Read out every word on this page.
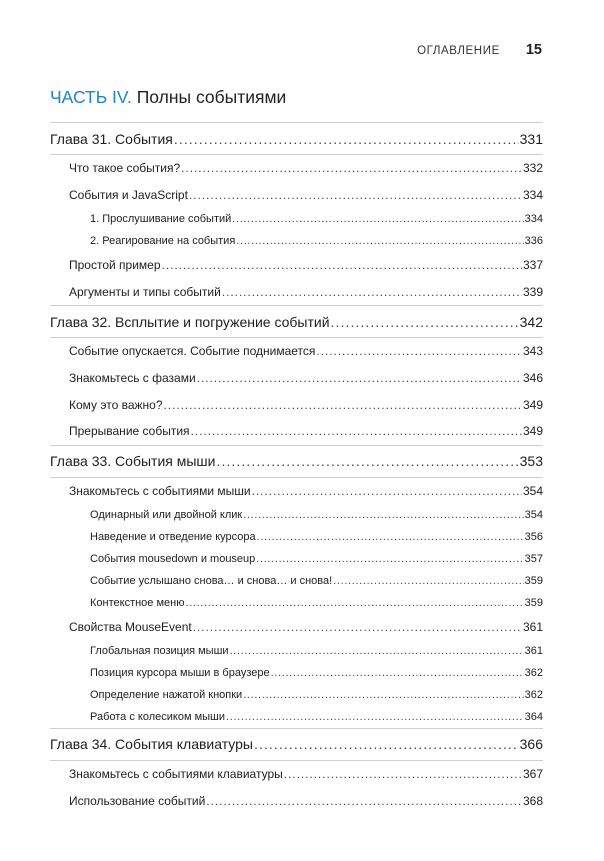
ОГЛАВЛЕНИЕ 15
ЧАСТЬ IV. Полны событиями
Глава 31. События . . .	331
Что такое события? . . .	332
События и JavaScript . . .	334
1. Прослушивание событий . . .	334
2. Реагирование на события . . .	336
Простой пример . . .	337
Аргументы и типы событий . . .	339
Глава 32. Всплытие и погружение событий . . .	342
Событие опускается. Событие поднимается . . .	343
Знакомьтесь с фазами . . .	346
Кому это важно? . . .	349
Прерывание события . . .	349
Глава 33. События мыши . . .	353
Знакомьтесь с событиями мыши . . .	354
Одинарный или двойной клик . . .	354
Наведение и отведение курсора . . .	356
События mousedown и mouseup . . .	357
Событие услышано снова… и снова… и снова! . . .	359
Контекстное меню . . .	359
Свойства MouseEvent . . .	361
Глобальная позиция мыши . . .	361
Позиция курсора мыши в браузере . . .	362
Определение нажатой кнопки . . .	362
Работа с колесиком мыши . . .	364
Глава 34. События клавиатуры . . .	366
Знакомьтесь с событиями клавиатуры . . .	367
Использование событий . . .	368
